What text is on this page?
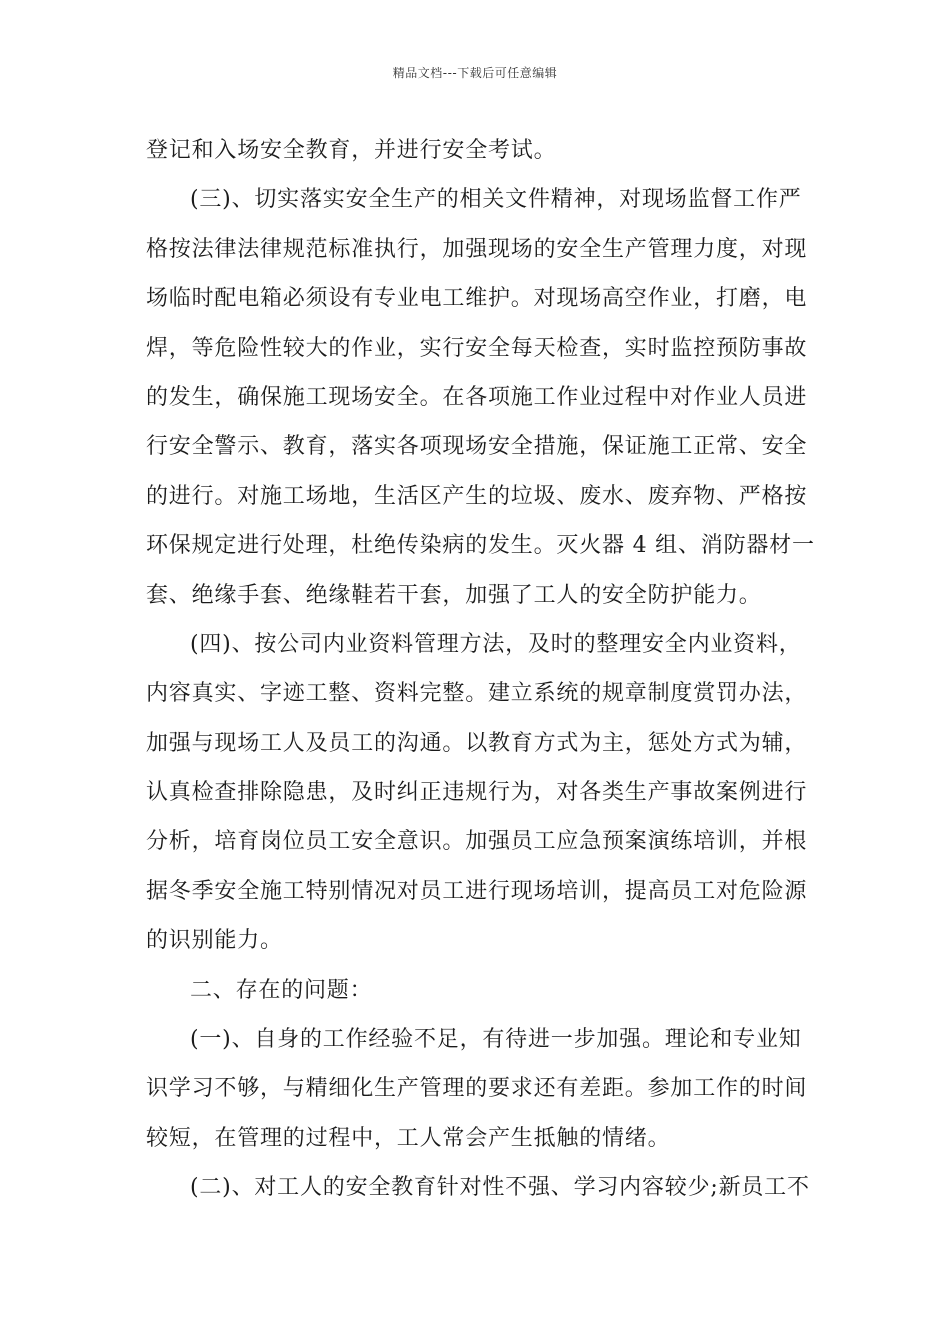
精品文档---下载后可任意编辑
登记和入场安全教育，并进行安全考试。
(三)、切实落实安全生产的相关文件精神，对现场监督工作严
格按法律法律规范标准执行，加强现场的安全生产管理力度，对现
场临时配电箱必须设有专业电工维护。对现场高空作业，打磨，电
焊，等危险性较大的作业，实行安全每天检查，实时监控预防事故
的发生，确保施工现场安全。在各项施工作业过程中对作业人员进
行安全警示、教育，落实各项现场安全措施，保证施工正常、安全
的进行。对施工场地，生活区产生的垃圾、废水、废弃物、严格按
环保规定进行处理，杜绝传染病的发生。灭火器 4 组、消防器材一
套、绝缘手套、绝缘鞋若干套，加强了工人的安全防护能力。
(四)、按公司内业资料管理方法，及时的整理安全内业资料，
内容真实、字迹工整、资料完整。建立系统的规章制度赏罚办法，
加强与现场工人及员工的沟通。以教育方式为主，惩处方式为辅，
认真检查排除隐患，及时纠正违规行为，对各类生产事故案例进行
分析，培育岗位员工安全意识。加强员工应急预案演练培训，并根
据冬季安全施工特别情况对员工进行现场培训，提高员工对危险源
的识别能力。
二、存在的问题：
(一)、自身的工作经验不足，有待进一步加强。理论和专业知
识学习不够，与精细化生产管理的要求还有差距。参加工作的时间
较短，在管理的过程中，工人常会产生抵触的情绪。
(二)、对工人的安全教育针对性不强、学习内容较少;新员工不
